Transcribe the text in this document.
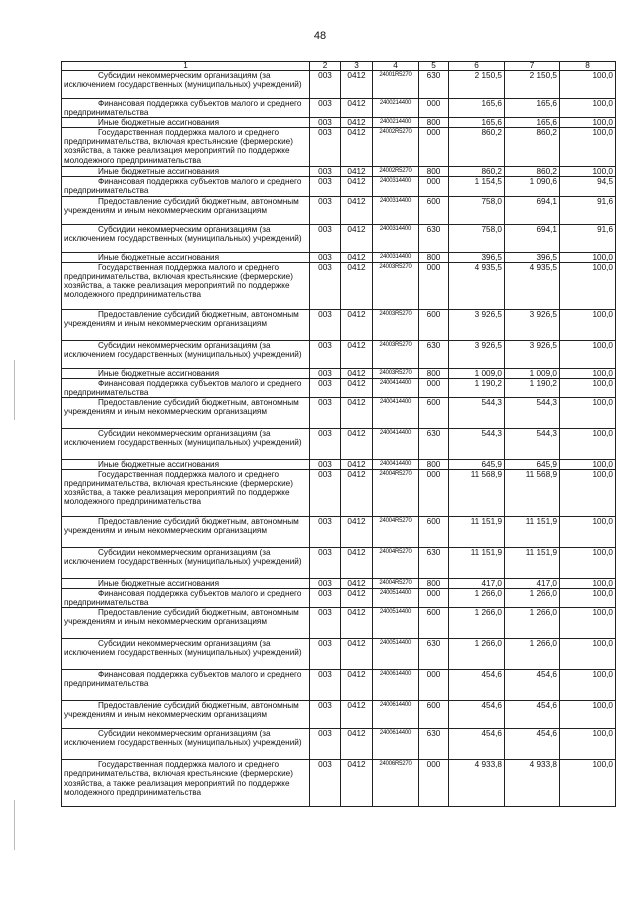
48
1	2	3	4	5	6	7	8
Субсидии некоммерческим организациям (за исключением государственных (муниципальных) учреждений)	003	0412	24001R5270	630	2 150,5	2 150,5	100,0
Финансовая поддержка субъектов малого и среднего предпринимательства	003	0412	2400214400	000	165,6	165,6	100,0
Иные бюджетные ассигнования	003	0412	2400214400	800	165,6	165,6	100,0
Государственная поддержка малого и среднего предпринимательства, включая крестьянские (фермерские) хозяйства, а также реализация мероприятий по поддержке молодежного предпринимательства	003	0412	24002R5270	000	860,2	860,2	100,0
Иные бюджетные ассигнования	003	0412	24002R5270	800	860,2	860,2	100,0
Финансовая поддержка субъектов малого и среднего предпринимательства	003	0412	2400314400	000	1 154,5	1 090,6	94,5
Предоставление субсидий бюджетным, автономным учреждениям и иным некоммерческим организациям	003	0412	2400314400	600	758,0	694,1	91,6
Субсидии некоммерческим организациям (за исключением государственных (муниципальных) учреждений)	003	0412	2400314400	630	758,0	694,1	91,6
Иные бюджетные ассигнования	003	0412	2400314400	800	396,5	396,5	100,0
Государственная поддержка малого и среднего предпринимательства, включая крестьянские (фермерские) хозяйства, а также реализация мероприятий по поддержке молодежного предпринимательства	003	0412	24003R5270	000	4 935,5	4 935,5	100,0
Предоставление субсидий бюджетным, автономным учреждениям и иным некоммерческим организациям	003	0412	24003R5270	600	3 926,5	3 926,5	100,0
Субсидии некоммерческим организациям (за исключением государственных (муниципальных) учреждений)	003	0412	24003R5270	630	3 926,5	3 926,5	100,0
Иные бюджетные ассигнования	003	0412	24003R5270	800	1 009,0	1 009,0	100,0
Финансовая поддержка субъектов малого и среднего предпринимательства	003	0412	2400414400	000	1 190,2	1 190,2	100,0
Предоставление субсидий бюджетным, автономным учреждениям и иным некоммерческим организациям	003	0412	2400414400	600	544,3	544,3	100,0
Субсидии некоммерческим организациям (за исключением государственных (муниципальных) учреждений)	003	0412	2400414400	630	544,3	544,3	100,0
Иные бюджетные ассигнования	003	0412	2400414400	800	645,9	645,9	100,0
Государственная поддержка малого и среднего предпринимательства, включая крестьянские (фермерские) хозяйства, а также реализация мероприятий по поддержке молодежного предпринимательства	003	0412	24004R5270	000	11 568,9	11 568,9	100,0
Предоставление субсидий бюджетным, автономным учреждениям и иным некоммерческим организациям	003	0412	24004R5270	600	11 151,9	11 151,9	100,0
Субсидии некоммерческим организациям (за исключением государственных (муниципальных) учреждений)	003	0412	24004R5270	630	11 151,9	11 151,9	100,0
Иные бюджетные ассигнования	003	0412	24004R5270	800	417,0	417,0	100,0
Финансовая поддержка субъектов малого и среднего предпринимательства	003	0412	2400514400	000	1 266,0	1 266,0	100,0
Предоставление субсидий бюджетным, автономным учреждениям и иным некоммерческим организациям	003	0412	2400514400	600	1 266,0	1 266,0	100,0
Субсидии некоммерческим организациям (за исключением государственных (муниципальных) учреждений)	003	0412	2400514400	630	1 266,0	1 266,0	100,0
Финансовая поддержка субъектов малого и среднего предпринимательства	003	0412	2400614400	000	454,6	454,6	100,0
Предоставление субсидий бюджетным, автономным учреждениям и иным некоммерческим организациям	003	0412	2400614400	600	454,6	454,6	100,0
Субсидии некоммерческим организациям (за исключением государственных (муниципальных) учреждений)	003	0412	2400614400	630	454,6	454,6	100,0
Государственная поддержка малого и среднего предпринимательства, включая крестьянские (фермерские) хозяйства, а также реализация мероприятий по поддержке молодежного предпринимательства	003	0412	24006R5270	000	4 933,8	4 933,8	100,0
